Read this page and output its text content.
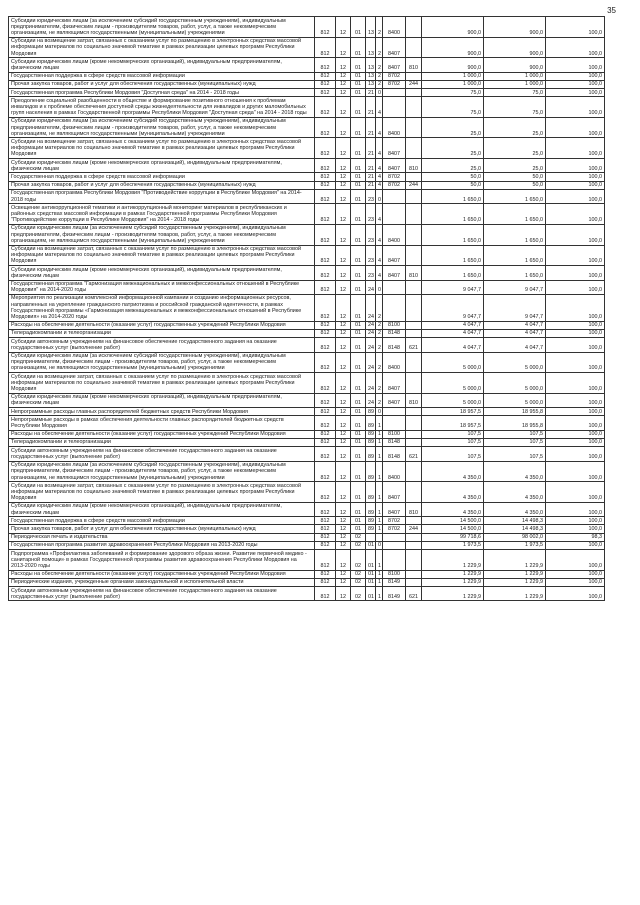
35
Субсидии юридическим лицам (за исключением субсидий государственным учреждениям), индивидуальным предпринимателям, физическим лицам - производителям товаров, работ, услуг, а также некоммерческим организациям, не являющимся государственными (муниципальными) учреждениями	812	12	01	13	2	8400		900,0	900,0	100,0
Субсидии на возмещение затрат, связанных с оказанием услуг по размещению в электронных средствах массовой информации материалов по социально значимой тематике в рамках реализации целевых программ Республики Мордовия	812	12	01	13	2	8407		900,0	900,0	100,0
Субсидии юридическим лицам (кроме некоммерческих организаций), индивидуальным предпринимателям, физическим лицам	812	12	01	13	2	8407	810	900,0	900,0	100,0
Государственная поддержка в сфере средств массовой информации	812	12	01	13	2	8702		1 000,0	1 000,0	100,0
Прочая закупка товаров, работ и услуг для обеспечения государственных (муниципальных) нужд	812	12	01	13	2	8702	244	1 000,0	1 000,0	100,0
Государственная программа Республики Мордовия "Доступная среда" на 2014 - 2018 годы	812	12	01	21	0			75,0	75,0	100,0
Преодоление социальной разобщенности в обществе и формирование позитивного отношения к проблемам инвалидов и к проблеме обеспечения доступной среды жизнедеятельности для инвалидов и других маломобильных групп населения в рамках Государственной программы Республики Мордовия "Доступная среда" на 2014 - 2018 годы	812	12	01	21	4			75,0	75,0	100,0
Субсидии юридическим лицам (за исключением субсидий государственным учреждениям), индивидуальным предпринимателям, физическим лицам - производителям товаров, работ, услуг, а также некоммерческим организациям, не являющимся государственными (муниципальными) учреждениями	812	12	01	21	4	8400		25,0	25,0	100,0
Субсидии на возмещение затрат, связанных с оказанием услуг по размещению в электронных средствах массовой информации материалов по социально значимой тематике в рамках реализации целевых программ Республики Мордовия	812	12	01	21	4	8407		25,0	25,0	100,0
Субсидии юридическим лицам (кроме некоммерческих организаций), индивидуальным предпринимателям, физическим лицам	812	12	01	21	4	8407	810	25,0	25,0	100,0
Государственная поддержка в сфере средств массовой информации	812	12	01	21	4	8702		50,0	50,0	100,0
Прочая закупка товаров, работ и услуг для обеспечения государственных (муниципальных) нужд	812	12	01	21	4	8702	244	50,0	50,0	100,0
Государственная программа Республики Мордовия "Противодействие коррупции в Республике Мордовия" на 2014-2018 годы	812	12	01	23	0			1 650,0	1 650,0	100,0
Освещение антикоррупционной тематики и антикоррупционный мониторинг материалов в республиканских и районных средствах массовой информации в рамках Государственной программы Республики Мордовия "Противодействие коррупции в Республике Мордовия" на 2014 - 2018 годы	812	12	01	23	4			1 650,0	1 650,0	100,0
Субсидии юридическим лицам (за исключением субсидий государственным учреждениям), индивидуальным предпринимателям, физическим лицам - производителям товаров, работ, услуг, а также некоммерческим организациям, не являющимся государственными (муниципальными) учреждениями	812	12	01	23	4	8400		1 650,0	1 650,0	100,0
Субсидии на возмещение затрат, связанных с оказанием услуг по размещению в электронных средствах массовой информации материалов по социально значимой тематике в рамках реализации целевых программ Республики Мордовия	812	12	01	23	4	8407		1 650,0	1 650,0	100,0
Субсидии юридическим лицам (кроме некоммерческих организаций), индивидуальным предпринимателям, физическим лицам	812	12	01	23	4	8407	810	1 650,0	1 650,0	100,0
Государственная программа "Гармонизация межнациональных и межконфессиональных отношений в Республике Мордовия" на 2014-2020 годы	812	12	01	24	0			9 047,7	9 047,7	100,0
Мероприятия по реализации комплексной информационной кампании и созданию информационных ресурсов, направленных на укрепление гражданского патриотизма и российской гражданской идентичности, в рамках Государственной программы «Гармонизация межнациональных и межконфессиональных отношений в Республике Мордовия» на 2014-2020 годы	812	12	01	24	2			9 047,7	9 047,7	100,0
Расходы на обеспечение деятельности (оказание услуг) государственных учреждений Республики Мордовия	812	12	01	24	2	8100		4 047,7	4 047,7	100,0
Телерадиокомпании и телеорганизации	812	12	01	24	2	8148		4 047,7	4 047,7	100,0
Субсидии автономным учреждениям на финансовое обеспечение государственного задания на оказание государственных услуг (выполнение работ)	812	12	01	24	2	8148	621	4 047,7	4 047,7	100,0
Субсидии юридическим лицам (за исключением субсидий государственным учреждениям), индивидуальным предпринимателям, физическим лицам - производителям товаров, работ, услуг, а также некоммерческим организациям, не являющимся государственными (муниципальными) учреждениями	812	12	01	24	2	8400		5 000,0	5 000,0	100,0
Субсидии на возмещение затрат, связанных с оказанием услуг по размещению в электронных средствах массовой информации материалов по социально значимой тематике в рамках реализации целевых программ Республики Мордовия	812	12	01	24	2	8407		5 000,0	5 000,0	100,0
Субсидии юридическим лицам (кроме некоммерческих организаций), индивидуальным предпринимателям, физическим лицам	812	12	01	24	2	8407	810	5 000,0	5 000,0	100,0
Непрограммные расходы главных распорядителей бюджетных средств Республики Мордовия	812	12	01	89	0			18 957,5	18 955,8	100,0
Непрограммные расходы в рамках обеспечения деятельности главных распорядителей бюджетных средств Республики Мордовия	812	12	01	89	1			18 957,5	18 955,8	100,0
Расходы на обеспечение деятельности (оказание услуг) государственных учреждений Республики Мордовия	812	12	01	89	1	8100		107,5	107,5	100,0
Телерадиокомпании и телеорганизации	812	12	01	89	1	8148		107,5	107,5	100,0
Субсидии автономным учреждениям на финансовое обеспечение государственного задания на оказание государственных услуг (выполнение работ)	812	12	01	89	1	8148	621	107,5	107,5	100,0
Субсидии юридическим лицам (за исключением субсидий государственным учреждениям), индивидуальным предпринимателям, физическим лицам - производителям товаров, работ, услуг, а также некоммерческим организациям, не являющимся государственными (муниципальными) учреждениями	812	12	01	89	1	8400		4 350,0	4 350,0	100,0
Субсидии на возмещение затрат, связанных с оказанием услуг по размещению в электронных средствах массовой информации материалов по социально значимой тематике в рамках реализации целевых программ Республики Мордовия	812	12	01	89	1	8407		4 350,0	4 350,0	100,0
Субсидии юридическим лицам (кроме некоммерческих организаций), индивидуальным предпринимателям, физическим лицам	812	12	01	89	1	8407	810	4 350,0	4 350,0	100,0
Государственная поддержка в сфере средств массовой информации	812	12	01	89	1	8702		14 500,0	14 498,3	100,0
Прочая закупка товаров, работ и услуг для обеспечения государственных (муниципальных) нужд	812	12	01	89	1	8702	244	14 500,0	14 498,3	100,0
Периодическая печать и издательства	812	12	02					99 718,6	98 002,0	98,3
Государственная программа развития здравоохранения Республики Мордовия на 2013-2020 годы	812	12	02	01	0			1 973,5	1 973,5	100,0
Подпрограмма «Профилактика заболеваний и формирование здорового образа жизни. Развитие первичной медико - санитарной помощи» в рамках Государственной программы развития здравоохранения Республики Мордовия на 2013-2020 годы	812	12	02	01	1			1 229,9	1 229,9	100,0
Расходы на обеспечение деятельности (оказание услуг) государственных учреждений Республики Мордовия	812	12	02	01	1	8100		1 229,9	1 229,9	100,0
Периодические издания, учрежденные органами законодательной и исполнительной власти	812	12	02	01	1	8149		1 229,9	1 229,9	100,0
Субсидии автономным учреждениям на финансовое обеспечение государственного задания на оказание государственных услуг (выполнение работ)	812	12	02	01	1	8149	621	1 229,9	1 229,9	100,0
